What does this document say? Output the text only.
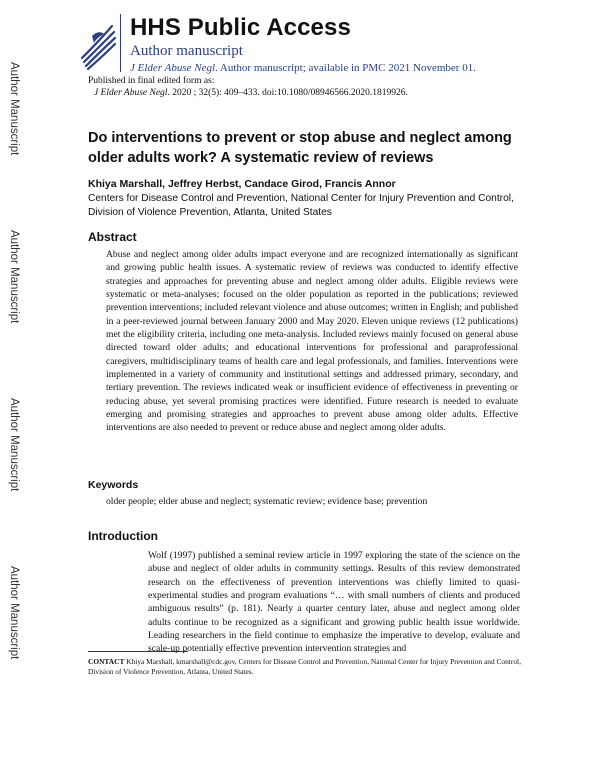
Author Manuscript
Author Manuscript
Author Manuscript
Author Manuscript
HHS Public Access
Author manuscript
J Elder Abuse Negl. Author manuscript; available in PMC 2021 November 01.
Published in final edited form as:
J Elder Abuse Negl. 2020 ; 32(5): 409–433. doi:10.1080/08946566.2020.1819926.
Do interventions to prevent or stop abuse and neglect among older adults work? A systematic review of reviews
Khiya Marshall, Jeffrey Herbst, Candace Girod, Francis Annor
Centers for Disease Control and Prevention, National Center for Injury Prevention and Control, Division of Violence Prevention, Atlanta, United States
Abstract
Abuse and neglect among older adults impact everyone and are recognized internationally as significant and growing public health issues. A systematic review of reviews was conducted to identify effective strategies and approaches for preventing abuse and neglect among older adults. Eligible reviews were systematic or meta-analyses; focused on the older population as reported in the publications; reviewed prevention interventions; included relevant violence and abuse outcomes; written in English; and published in a peer-reviewed journal between January 2000 and May 2020. Eleven unique reviews (12 publications) met the eligibility criteria, including one meta-analysis. Included reviews mainly focused on general abuse directed toward older adults; and educational interventions for professional and paraprofessional caregivers, multidisciplinary teams of health care and legal professionals, and families. Interventions were implemented in a variety of community and institutional settings and addressed primary, secondary, and tertiary prevention. The reviews indicated weak or insufficient evidence of effectiveness in preventing or reducing abuse, yet several promising practices were identified. Future research is needed to evaluate emerging and promising strategies and approaches to prevent abuse among older adults. Effective interventions are also needed to prevent or reduce abuse and neglect among older adults.
Keywords
older people; elder abuse and neglect; systematic review; evidence base; prevention
Introduction
Wolf (1997) published a seminal review article in 1997 exploring the state of the science on the abuse and neglect of older adults in community settings. Results of this review demonstrated research on the effectiveness of prevention interventions was chiefly limited to quasi-experimental studies and program evaluations “… with small numbers of clients and produced ambiguous results” (p. 181). Nearly a quarter century later, abuse and neglect among older adults continue to be recognized as a significant and growing public health issue worldwide. Leading researchers in the field continue to emphasize the imperative to develop, evaluate and scale-up potentially effective prevention intervention strategies and
CONTACT Khiya Marshall, kmarshall@cdc.gov, Centers for Disease Control and Prevention, National Center for Injury Prevention and Control, Division of Violence Prevention, Atlanta, United States.
